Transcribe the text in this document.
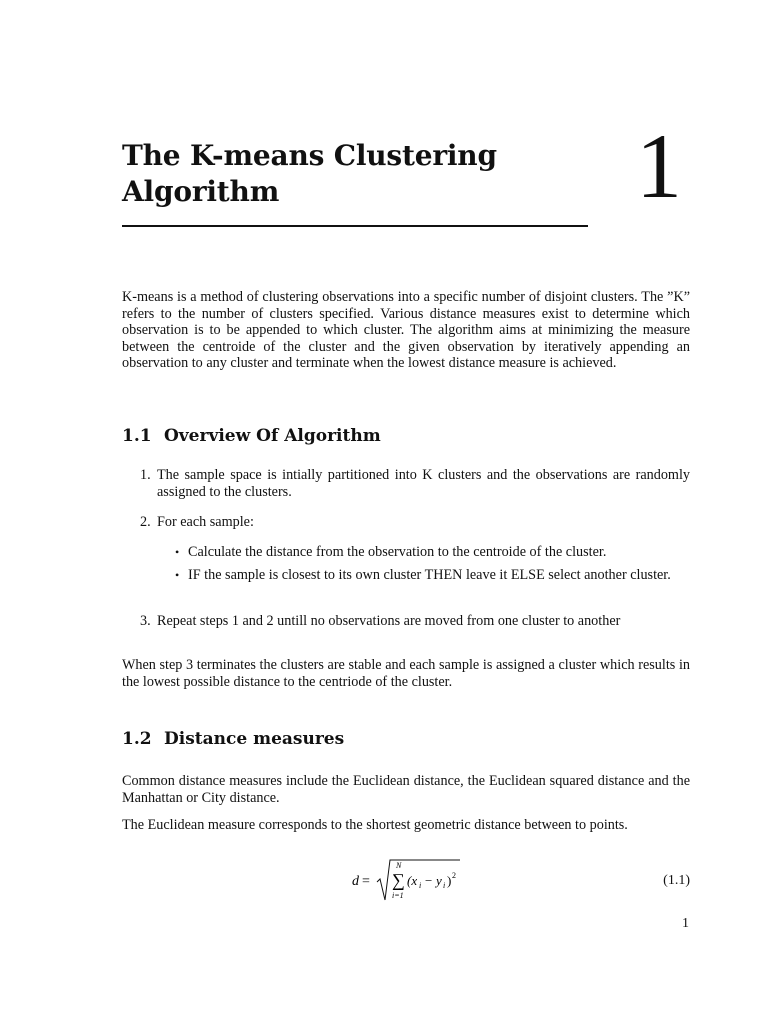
The K-means Clustering
Algorithm	1
K-means is a method of clustering observations into a specific number of disjoint clusters. The ”K” refers to the number of clusters specified. Various distance measures exist to determine which observation is to be appended to which cluster. The algorithm aims at minimizing the measure between the centroide of the cluster and the given observation by iteratively appending an observation to any cluster and terminate when the lowest distance measure is achieved.
1.1 Overview Of Algorithm
1. The sample space is intially partitioned into K clusters and the observations are randomly assigned to the clusters.
2. For each sample:
• Calculate the distance from the observation to the centroide of the cluster.
• IF the sample is closest to its own cluster THEN leave it ELSE select another cluster.
3. Repeat steps 1 and 2 untill no observations are moved from one cluster to another
When step 3 terminates the clusters are stable and each sample is assigned a cluster which results in the lowest possible distance to the centriode of the cluster.
1.2 Distance measures
Common distance measures include the Euclidean distance, the Euclidean squared distance and the Manhattan or City distance.
The Euclidean measure corresponds to the shortest geometric distance between to points.
d =
N
∑
i=1
(x i − y i ) 2	(1.1)
1
